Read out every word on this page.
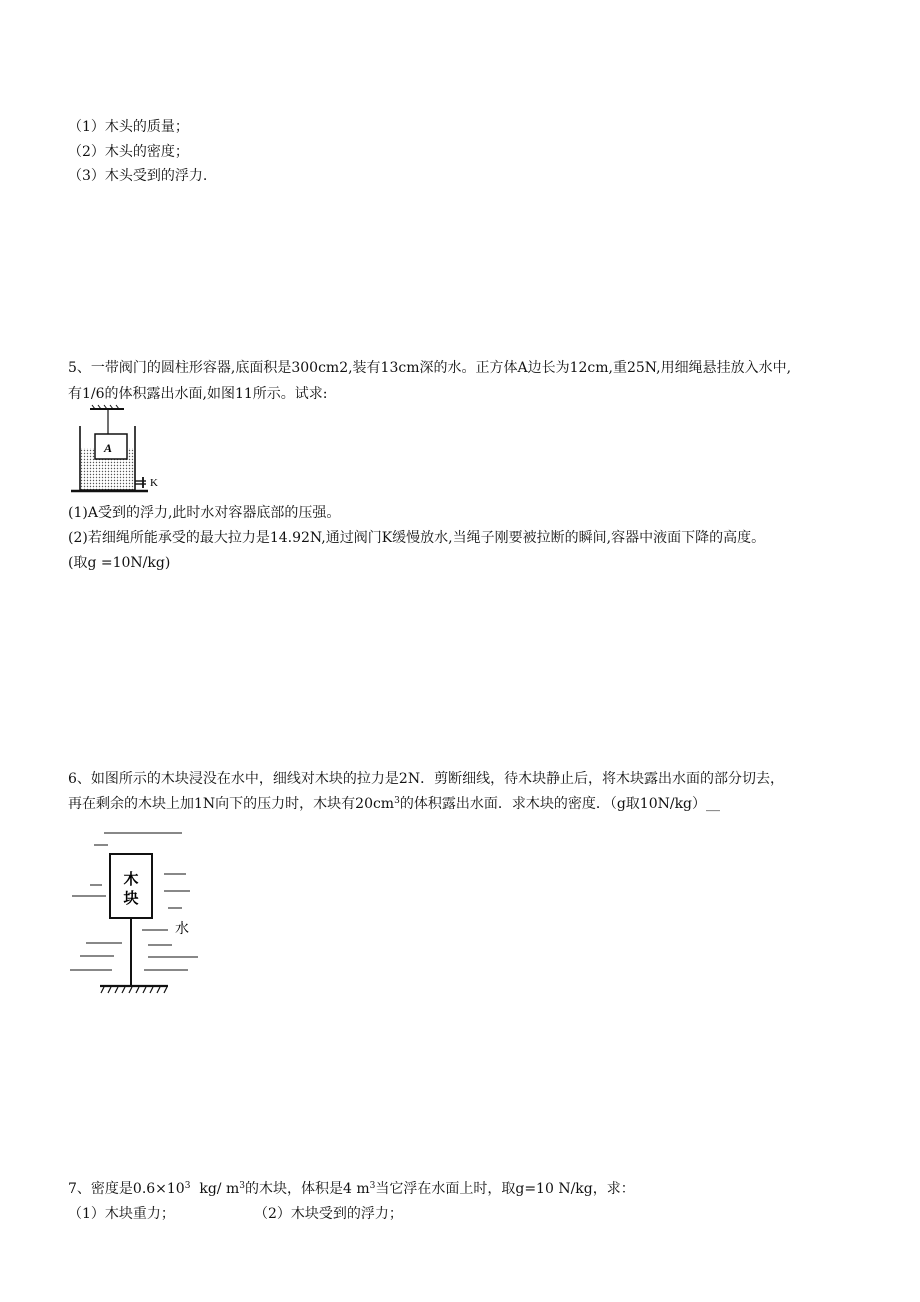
（1）木头的质量；
（2）木头的密度；
（3）木头受到的浮力.
5、一带阀门的圆柱形容器,底面积是300cm2,装有13cm深的水。正方体A边长为12cm,重25N,用细绳悬挂放入水中,
有1/6的体积露出水面,如图11所示。试求:
A
K
(1)A受到的浮力,此时水对容器底部的压强。
(2)若细绳所能承受的最大拉力是14.92N,通过阀门K缓慢放水,当绳子刚要被拉断的瞬间,容器中液面下降的高度。
(取g =10N/kg)
6、如图所示的木块浸没在水中，细线对木块的拉力是2N．剪断细线，待木块静止后，将木块露出水面的部分切去，
再在剩余的木块上加1N向下的压力时，木块有$20cm^3$的体积露出水面．求木块的密度．（g取10N/kg）__
木
块
水
7、密度是$0.6\times 10^3$  kg/ $m^3$的木块，体积是4 $m^3$当它浮在水面上时，取g=10 N/kg，求：
（1）木块重力；	（2）木块受到的浮力；
